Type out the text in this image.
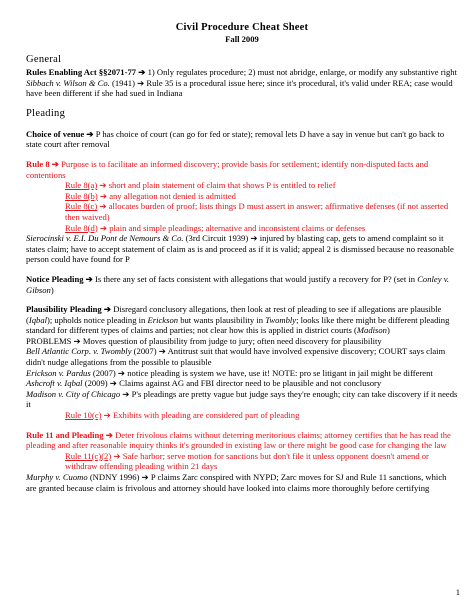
Civil Procedure Cheat Sheet
Fall 2009
General
Rules Enabling Act §§2071-77 ➔ 1) Only regulates procedure; 2) must not abridge, enlarge, or modify any substantive right
Sibbach v. Wilson & Co. (1941) ➔ Rule 35 is a procedural issue here; since it's procedural, it's valid under REA; case would have been different if she had sued in Indiana
Pleading
Choice of venue ➔ P has choice of court (can go for fed or state); removal lets D have a say in venue but can't go back to state court after removal
Rule 8 ➔ Purpose is to facilitate an informed discovery; provide basis for settlement; identify non-disputed facts and contentions
Rule 8(a) ➔ short and plain statement of claim that shows P is entitled to relief
Rule 8(b) ➔ any allegation not denied is admitted
Rule 8(c) ➔ allocates burden of proof; lists things D must assert in answer; affirmative defenses (if not asserted then waived)
Rule 8(d) ➔ plain and simple pleadings; alternative and inconsistent claims or defenses
Sierocinski v. E.I. Du Pont de Nemours & Co. (3rd Circuit 1939) ➔ injured by blasting cap, gets to amend complaint so it states claim; have to accept statement of claim as is and proceed as if it is valid; appeal 2 is dismissed because no reasonable person could have found for P
Notice Pleading ➔ Is there any set of facts consistent with allegations that would justify a recovery for P? (set in Conley v. Gibson)
Plausibility Pleading ➔ Disregard conclusory allegations, then look at rest of pleading to see if allegations are plausible (Iqbal); upholds notice pleading in Erickson but wants plausibility in Twombly; looks like there might be different pleading standard for different types of claims and parties; not clear how this is applied in district courts (Madison)
PROBLEMS ➔ Moves question of plausibility from judge to jury; often need discovery for plausibility
Bell Atlantic Corp. v. Twombly (2007) ➔ Antitrust suit that would have involved expensive discovery; COURT says claim didn't nudge allegations from the possible to plausible
Erickson v. Pardus (2007) ➔ notice pleading is system we have, use it! NOTE: pro se litigant in jail might be different
Ashcroft v. Iqbal (2009) ➔ Claims against AG and FBI director need to be plausible and not conclusory
Madison v. City of Chicago ➔ P's pleadings are pretty vague but judge says they're enough; city can take discovery if it needs it
Rule 10(c) ➔ Exhibits with pleading are considered part of pleading
Rule 11 and Pleading ➔ Deter frivolous claims without deterring meritorious claims; attorney certifies that he has read the pleading and after reasonable inquiry thinks it's grounded in existing law or there might be good case for changing the law
Rule 11(c)(2) ➔ Safe harbor; serve motion for sanctions but don't file it unless opponent doesn't amend or withdraw offending pleading within 21 days
Murphy v. Cuomo (NDNY 1996) ➔ P claims Zarc conspired with NYPD; Zarc moves for SJ and Rule 11 sanctions, which are granted because claim is frivolous and attorney should have looked into claims more thoroughly before certifying
1
